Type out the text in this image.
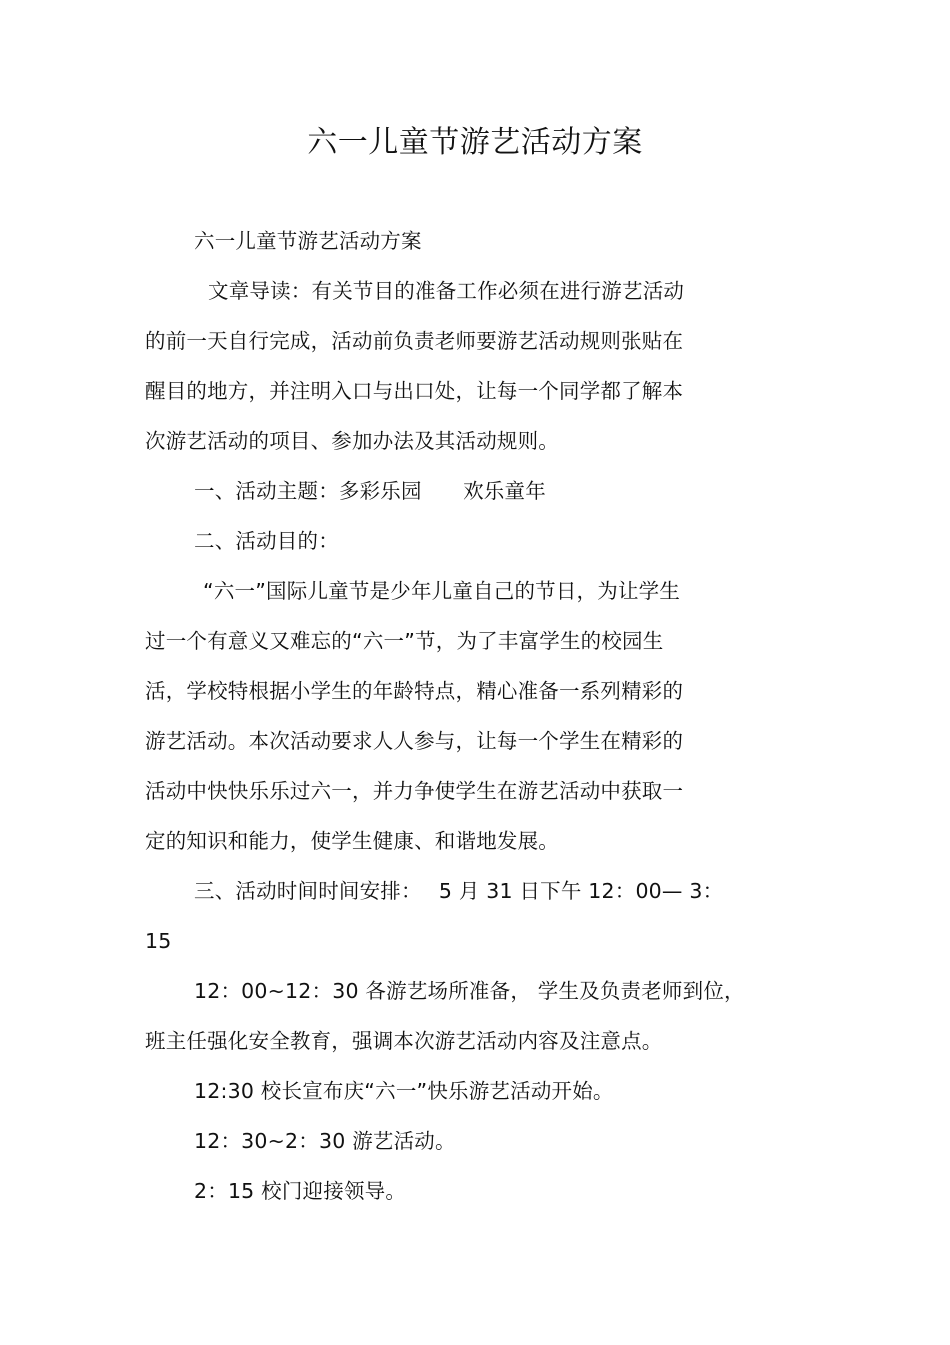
六一儿童节游艺活动方案
六一儿童节游艺活动方案
文章导读：有关节目的准备工作必须在进行游艺活动
的前一天自行完成，活动前负责老师要游艺活动规则张贴在
醒目的地方，并注明入口与出口处，让每一个同学都了解本
次游艺活动的项目、参加办法及其活动规则。
一、活动主题：多彩乐园　　欢乐童年
二、活动目的：
“六一”国际儿童节是少年儿童自己的节日，为让学生
过一个有意义又难忘的“六一”节，为了丰富学生的校园生
活，学校特根据小学生的年龄特点，精心准备一系列精彩的
游艺活动。本次活动要求人人参与，让每一个学生在精彩的
活动中快快乐乐过六一，并力争使学生在游艺活动中获取一
定的知识和能力，使学生健康、和谐地发展。
三、活动时间时间安排：　 5 月 31 日下午 12：00— 3：
15
12：00~12：30 各游艺场所准备， 学生及负责老师到位，
班主任强化安全教育，强调本次游艺活动内容及注意点。
12:30 校长宣布庆“六一”快乐游艺活动开始。
12：30~2：30 游艺活动。
2：15 校门迎接领导。
